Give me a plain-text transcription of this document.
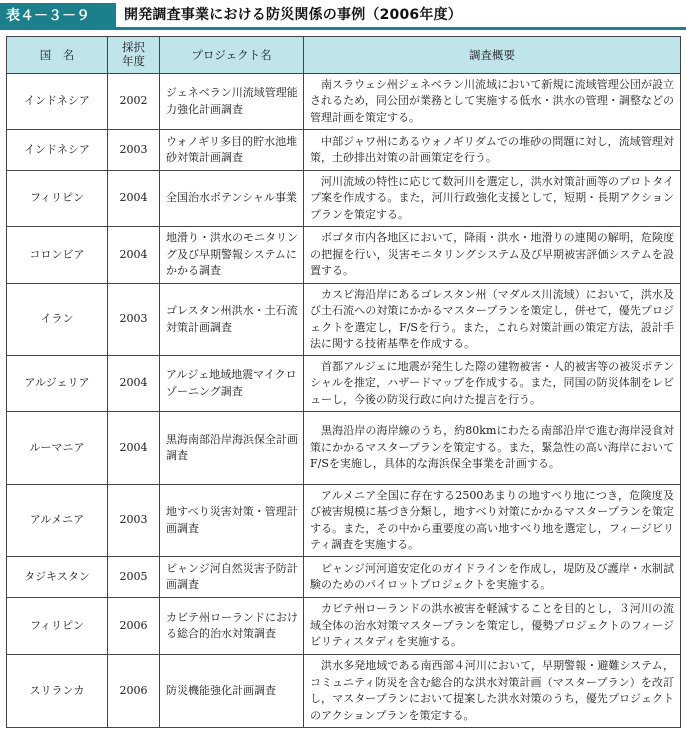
表４－３－９	開発調査事業における防災関係の事例（2006年度）
国　名	採択年度	プロジェクト名	調査概要
インドネシア	2002	ジェネベラン川流域管理能力強化計画調査	南スラウェシ州ジェネベラン川流域において新規に流域管理公団が設立されるため，同公団が業務として実施する低水・洪水の管理・調整などの管理計画を策定する。
インドネシア	2003	ウォノギリ多目的貯水池堆砂対策計画調査	中部ジャワ州にあるウォノギリダムでの堆砂の問題に対し，流域管理対策，土砂排出対策の計画策定を行う。
フィリピン	2004	全国治水ポテンシャル事業	河川流域の特性に応じて数河川を選定し，洪水対策計画等のプロトタイプ案を作成する。また，河川行政強化支援として，短期・長期アクションプランを策定する。
コロンビア	2004	地滑り・洪水のモニタリング及び早期警報システムにかかる調査	ボゴタ市内各地区において，降雨・洪水・地滑りの連関の解明，危険度の把握を行い，災害モニタリングシステム及び早期被害評価システムを設置する。
イラン	2003	ゴレスタン州洪水・土石流対策計画調査	カスピ海沿岸にあるゴレスタン州（マダルス川流域）において，洪水及び土石流への対策にかかるマスタープランを策定し，併せて，優先プロジェクトを選定し，F/Sを行う。また，これら対策計画の策定方法，設計手法に関する技術基準を作成する。
アルジェリア	2004	アルジェ地域地震マイクロゾーニング調査	首都アルジェに地震が発生した際の建物被害・人的被害等の被災ポテンシャルを推定，ハザードマップを作成する。また，同国の防災体制をレビューし，今後の防災行政に向けた提言を行う。
ルーマニア	2004	黒海南部沿岸海浜保全計画調査	黒海沿岸の海岸線のうち，約80kmにわたる南部沿岸で進む海岸浸食対策にかかるマスタープランを策定する。また，緊急性の高い海岸においてF/Sを実施し，具体的な海浜保全事業を計画する。
アルメニア	2003	地すべり災害対策・管理計画調査	アルメニア全国に存在する2500あまりの地すべり地につき，危険度及び被害規模に基づき分類し，地すべり対策にかかるマスタープランを策定する。また，その中から重要度の高い地すべり地を選定し，フィージビリティ調査を実施する。
タジキスタン	2005	ピャンジ河自然災害予防計画調査	ピャンジ河河道安定化のガイドラインを作成し，堤防及び護岸・水制試験のためのパイロットプロジェクトを実施する。
フィリピン	2006	カビテ州ローランドにおける総合的治水対策調査	カビテ州ローランドの洪水被害を軽減することを目的とし，３河川の流域全体の治水対策マスタープランを策定し，優勢プロジェクトのフィージビリティスタディを実施する。
スリランカ	2006	防災機能強化計画調査	洪水多発地域である南西部４河川において，早期警報・避難システム，コミュニティ防災を含む総合的な洪水対策計画（マスタープラン）を改訂し，マスタープランにおいて提案した洪水対策のうち，優先プロジェクトのアクションプランを策定する。
